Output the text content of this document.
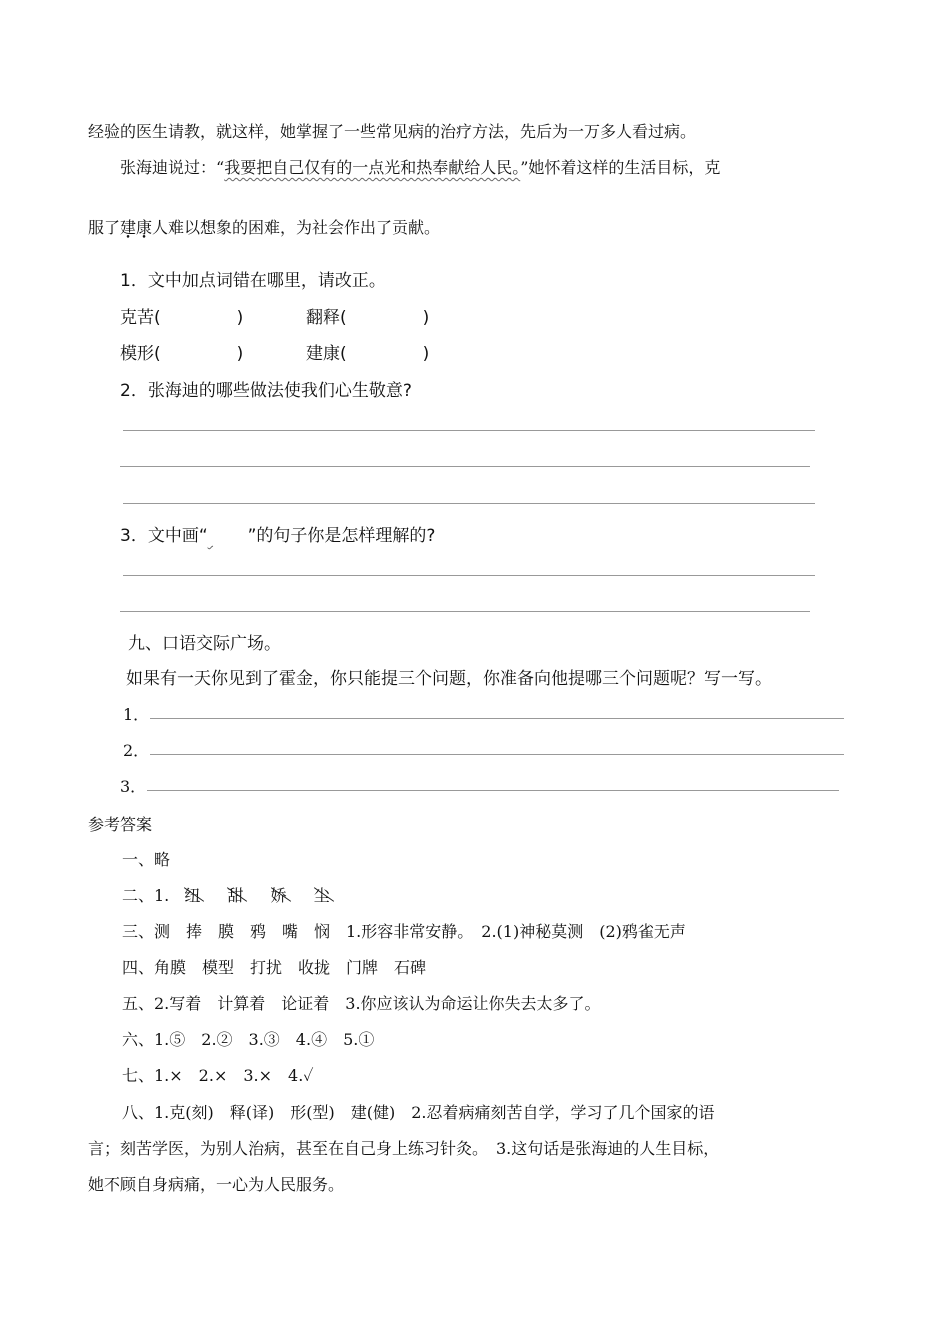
经验的医生请教，就这样，她掌握了一些常见病的治疗方法，先后为一万多人看过病。
张海迪说过：“我要把自己仅有的一点光和热奉献给人民。”她怀着这样的生活目标，克
服了建康人难以想象的困难，为社会作出了贡献。
1．文中加点词错在哪里，请改正。
克苦(	)	翻释(	)
模形(	)	建康(	)
2．张海迪的哪些做法使我们心生敬意?
3．文中画“ ”的句子你是怎样理解的?
九、口语交际广场。
如果有一天你见到了霍金，你只能提三个问题，你准备向他提哪三个问题呢？写一写。
1．
2．
3．
参考答案
一、略
二、1. 纽 甜 娇 尘
三、测　捧　膜　鸦　嘴　悯　1.形容非常安静。　2.(1)神秘莫测　(2)鸦雀无声
四、角膜　模型　打扰　收拢　门牌　石碑
五、2.写着　计算着　论证着　3.你应该认为命运让你失去太多了。
六、1.⑤　2.②　3.③　4.④　5.①
七、1.×　2.×　3.×　4.✓
八、1.克(刻)　释(译)　形(型)　建(健)　2.忍着病痛刻苦自学，学习了几个国家的语
言；刻苦学医，为别人治病，甚至在自己身上练习针灸。　3.这句话是张海迪的人生目标，
她不顾自身病痛，一心为人民服务。
